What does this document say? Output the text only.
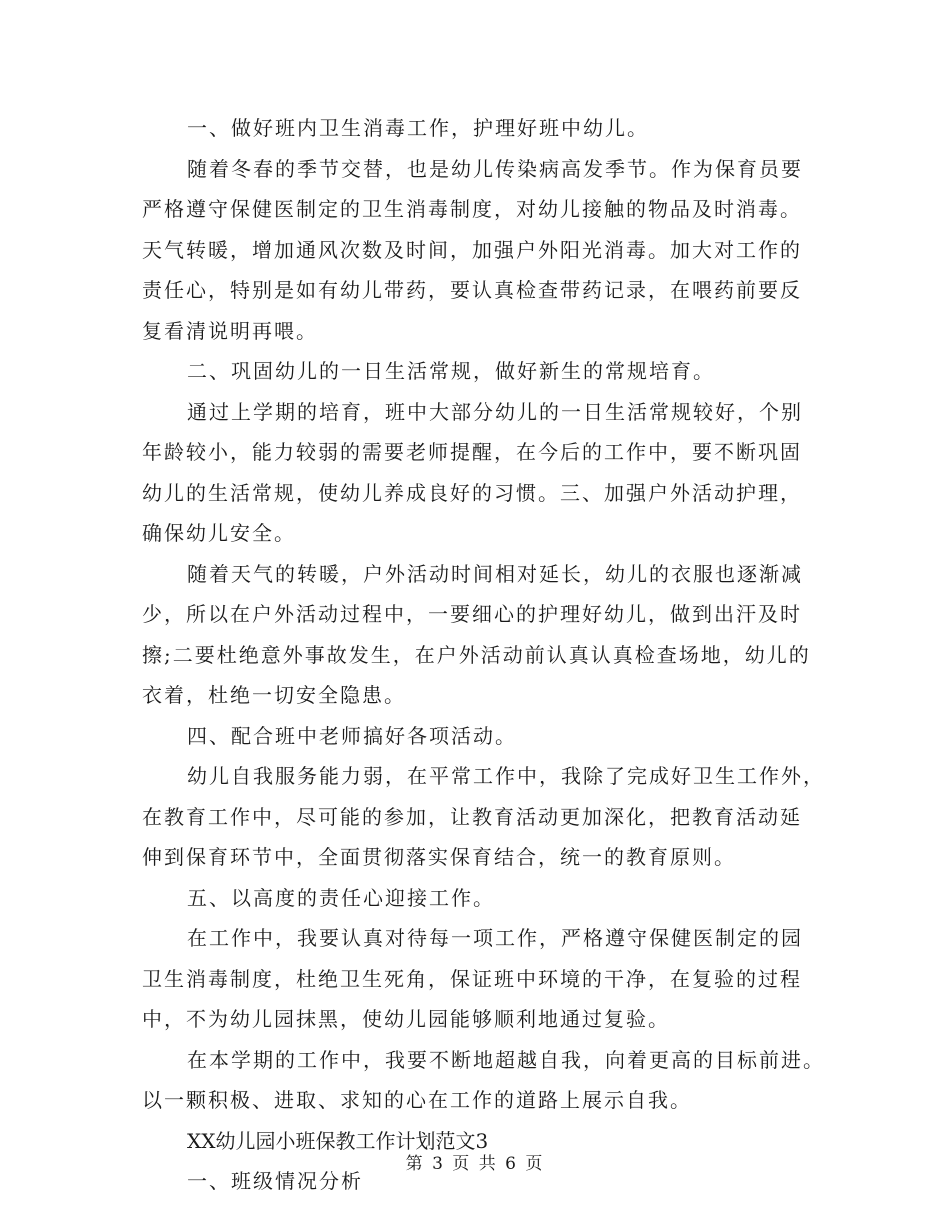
一、做好班内卫生消毒工作，护理好班中幼儿。
随着冬春的季节交替，也是幼儿传染病高发季节。作为保育员要
严格遵守保健医制定的卫生消毒制度，对幼儿接触的物品及时消毒。
天气转暖，增加通风次数及时间，加强户外阳光消毒。加大对工作的
责任心，特别是如有幼儿带药，要认真检查带药记录，在喂药前要反
复看清说明再喂。
二、巩固幼儿的一日生活常规，做好新生的常规培育。
通过上学期的培育，班中大部分幼儿的一日生活常规较好，个别
年龄较小，能力较弱的需要老师提醒，在今后的工作中，要不断巩固
幼儿的生活常规，使幼儿养成良好的习惯。三、加强户外活动护理，
确保幼儿安全。
随着天气的转暖，户外活动时间相对延长，幼儿的衣服也逐渐减
少，所以在户外活动过程中，一要细心的护理好幼儿，做到出汗及时
擦;二要杜绝意外事故发生，在户外活动前认真认真检查场地，幼儿的
衣着，杜绝一切安全隐患。
四、配合班中老师搞好各项活动。
幼儿自我服务能力弱，在平常工作中，我除了完成好卫生工作外，
在教育工作中，尽可能的参加，让教育活动更加深化，把教育活动延
伸到保育环节中，全面贯彻落实保育结合，统一的教育原则。
五、以高度的责任心迎接工作。
在工作中，我要认真对待每一项工作，严格遵守保健医制定的园
卫生消毒制度，杜绝卫生死角，保证班中环境的干净，在复验的过程
中，不为幼儿园抹黑，使幼儿园能够顺利地通过复验。
在本学期的工作中，我要不断地超越自我，向着更高的目标前进。
以一颗积极、进取、求知的心在工作的道路上展示自我。
XX幼儿园小班保教工作计划范文3
一、班级情况分析
第 3 页 共 6 页
